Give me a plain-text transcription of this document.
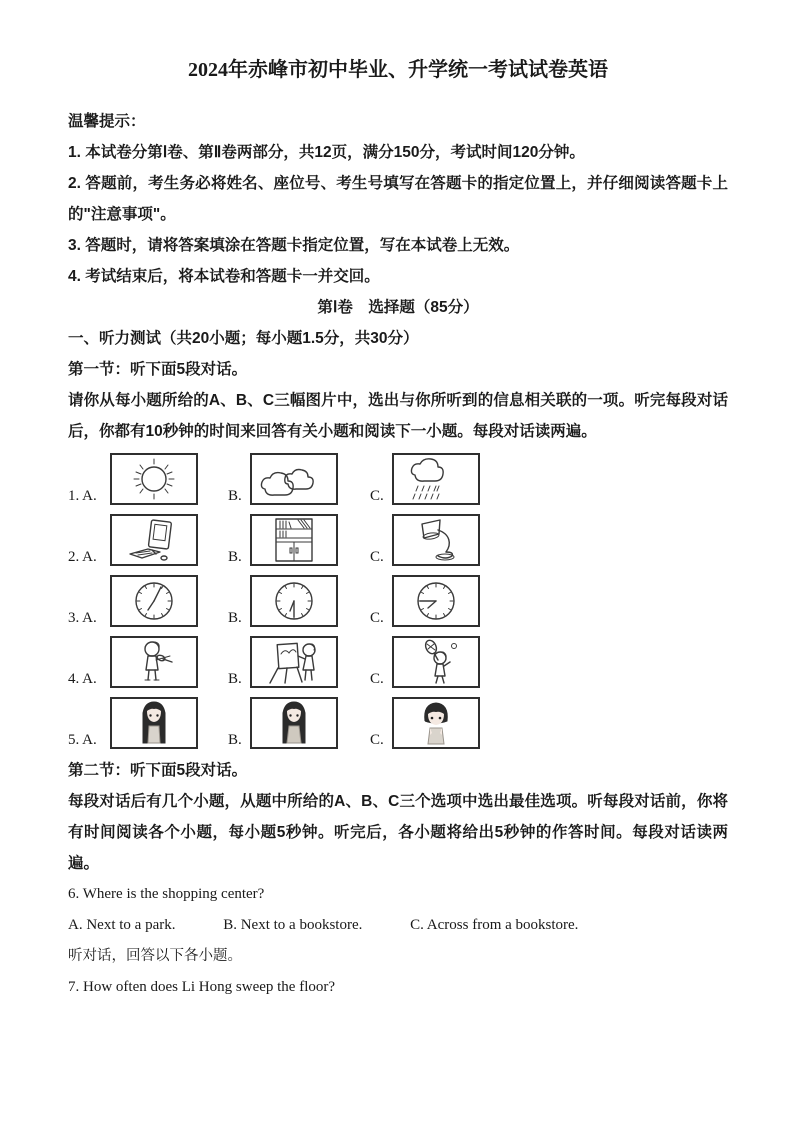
2024年赤峰市初中毕业、升学统一考试试卷英语

温馨提示：

1. 本试卷分第Ⅰ卷、第Ⅱ卷两部分，共12页，满分150分，考试时间120分钟。

2. 答题前，考生务必将姓名、座位号、考生号填写在答题卡的指定位置上，并仔细阅读答题卡上的"注意事项"。

3. 答题时，请将答案填涂在答题卡指定位置，写在本试卷上无效。

4. 考试结束后，将本试卷和答题卡一并交回。

第Ⅰ卷　选择题（85分）

一、听力测试（共20小题；每小题1.5分，共30分）

第一节：听下面5段对话。

请你从每小题所给的A、B、C三幅图片中，选出与你所听到的信息相关联的一项。听完每段对话后，你都有10秒钟的时间来回答有关小题和阅读下一小题。每段对话读两遍。

1. A.	B.	C.
2. A.	B.	C.
3. A.	B.	C.
4. A.	B.	C.
5. A.	B.	C.

第二节：听下面5段对话。

每段对话后有几个小题，从题中所给的A、B、C三个选项中选出最佳选项。听每段对话前，你将有时间阅读各个小题，每小题5秒钟。听完后，各小题将给出5秒钟的作答时间。每段对话读两遍。

6. Where is the shopping center?

A. Next to a park.	B. Next to a bookstore.	C. Across from a bookstore.

听对话，回答以下各小题。

7. How often does Li Hong sweep the floor?
